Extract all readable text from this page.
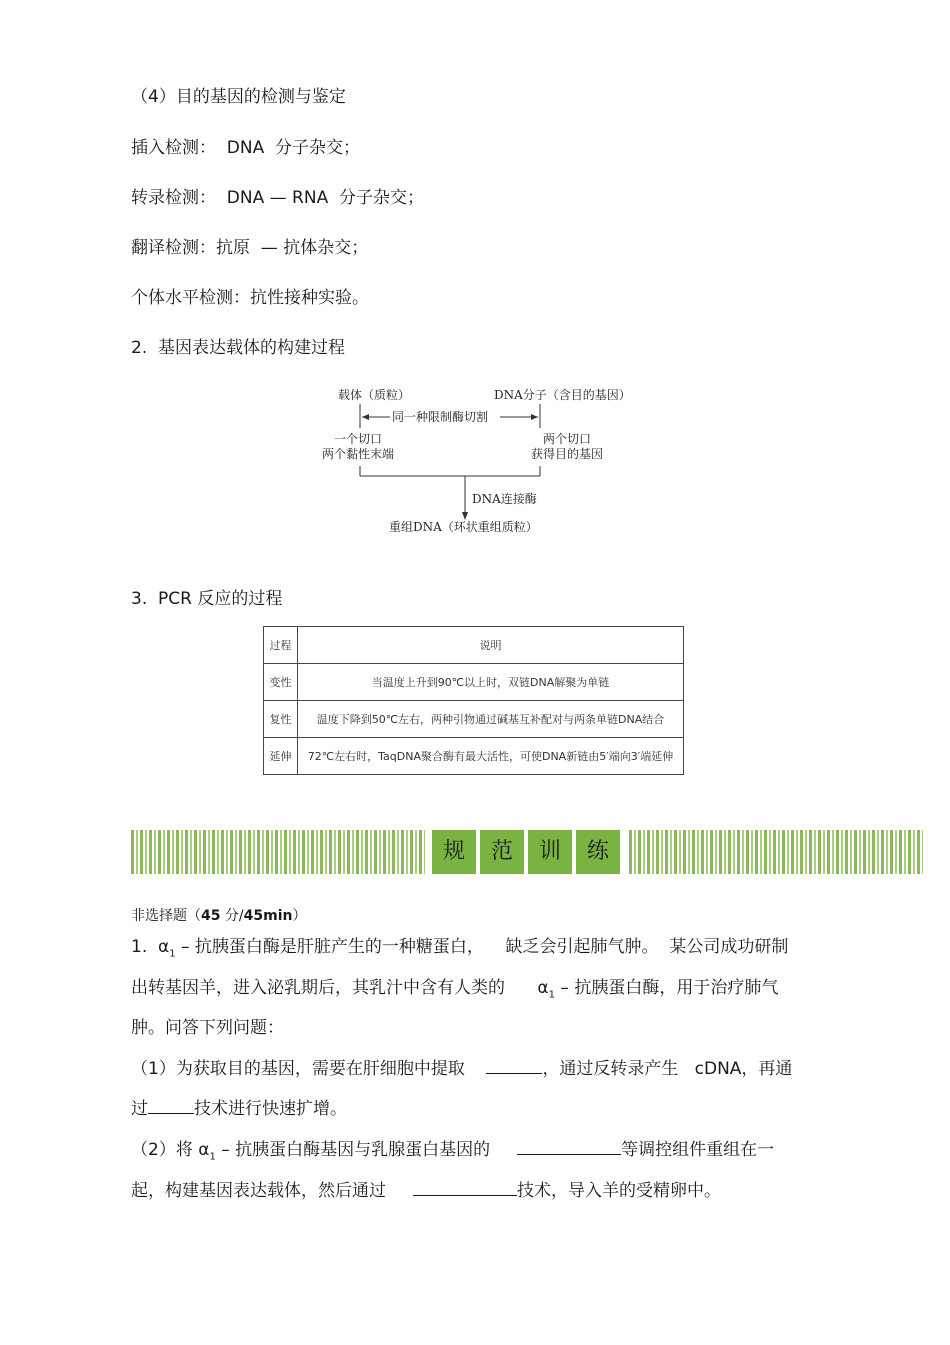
（4）目的基因的检测与鉴定
插入检测：  DNA  分子杂交；
转录检测：  DNA — RNA  分子杂交；
翻译检测：抗原  — 抗体杂交；
个体水平检测：抗性接种实验。
2.  基因表达载体的构建过程
载体（质粒）	DNA分子（含目的基因）
同一种限制酶切割
一个切口
两个黏性末端
两个切口
获得目的基因
DNA连接酶
重组DNA（环状重组质粒）
3.  PCR 反应的过程
过程	说明
变性	当温度上升到90℃以上时，双链DNA解聚为单链
复性	温度下降到50℃左右，两种引物通过碱基互补配对与两条单链DNA结合
延伸	72℃左右时，TaqDNA聚合酶有最大活性，可使DNA新链由5′端向3′端延伸
规	范	训	练
非选择题（45 分/45min）
1.  $\alpha_1$ – 抗胰蛋白酶是肝脏产生的一种糖蛋白，    缺乏会引起肺气肿。  某公司成功研制
出转基因羊，进入泌乳期后，其乳汁中含有人类的      $\alpha_1$ – 抗胰蛋白酶，用于治疗肺气
肿。问答下列问题：
（1）为获取目的基因，需要在肝细胞中提取	，通过反转录产生   cDNA，再通
过	技术进行快速扩增。
（2）将 $\alpha_1$ – 抗胰蛋白酶基因与乳腺蛋白基因的	等调控组件重组在一
起，构建基因表达载体，然后通过	技术，导入羊的受精卵中。
